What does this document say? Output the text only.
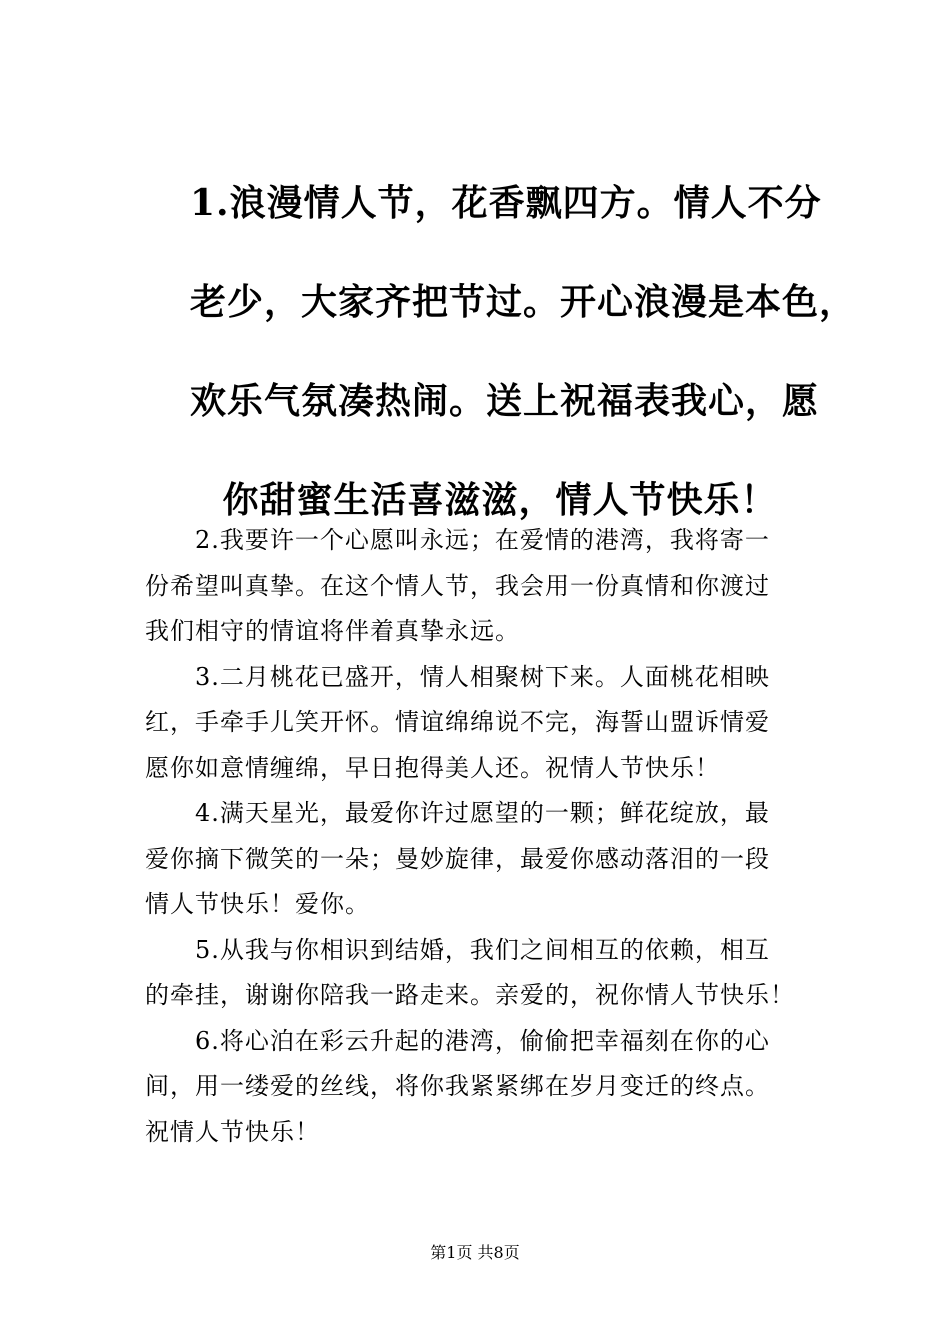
1.浪漫情人节，花香飘四方。情人不分
老少，大家齐把节过。开心浪漫是本色，
欢乐气氛凑热闹。送上祝福表我心，愿
你甜蜜生活喜滋滋，情人节快乐！
2.我要许一个心愿叫永远；在爱情的港湾，我将寄一
份希望叫真挚。在这个情人节，我会用一份真情和你渡过
我们相守的情谊将伴着真挚永远。
3.二月桃花已盛开，情人相聚树下来。人面桃花相映
红，手牵手儿笑开怀。情谊绵绵说不完，海誓山盟诉情爱
愿你如意情缠绵，早日抱得美人还。祝情人节快乐！
4.满天星光，最爱你许过愿望的一颗；鲜花绽放，最
爱你摘下微笑的一朵；曼妙旋律，最爱你感动落泪的一段
情人节快乐！爱你。
5.从我与你相识到结婚，我们之间相互的依赖，相互
的牵挂，谢谢你陪我一路走来。亲爱的，祝你情人节快乐！
6.将心泊在彩云升起的港湾，偷偷把幸福刻在你的心
间，用一缕爱的丝线，将你我紧紧绑在岁月变迁的终点。
祝情人节快乐！
第1页 共8页
